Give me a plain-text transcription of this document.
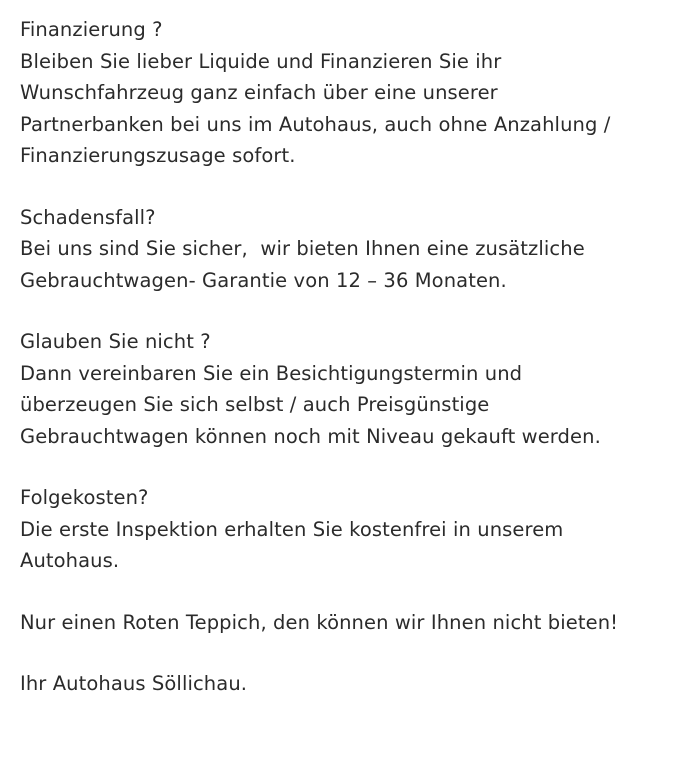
Finanzierung ?
Bleiben Sie lieber Liquide und Finanzieren Sie ihr
Wunschfahrzeug ganz einfach über eine unserer
Partnerbanken bei uns im Autohaus, auch ohne Anzahlung /
Finanzierungszusage sofort.
Schadensfall?
Bei uns sind Sie sicher,  wir bieten Ihnen eine zusätzliche
Gebrauchtwagen- Garantie von 12 – 36 Monaten.
Glauben Sie nicht ?
Dann vereinbaren Sie ein Besichtigungstermin und
überzeugen Sie sich selbst / auch Preisgünstige
Gebrauchtwagen können noch mit Niveau gekauft werden.
Folgekosten?
Die erste Inspektion erhalten Sie kostenfrei in unserem
Autohaus.
Nur einen Roten Teppich, den können wir Ihnen nicht bieten!
Ihr Autohaus Söllichau.
